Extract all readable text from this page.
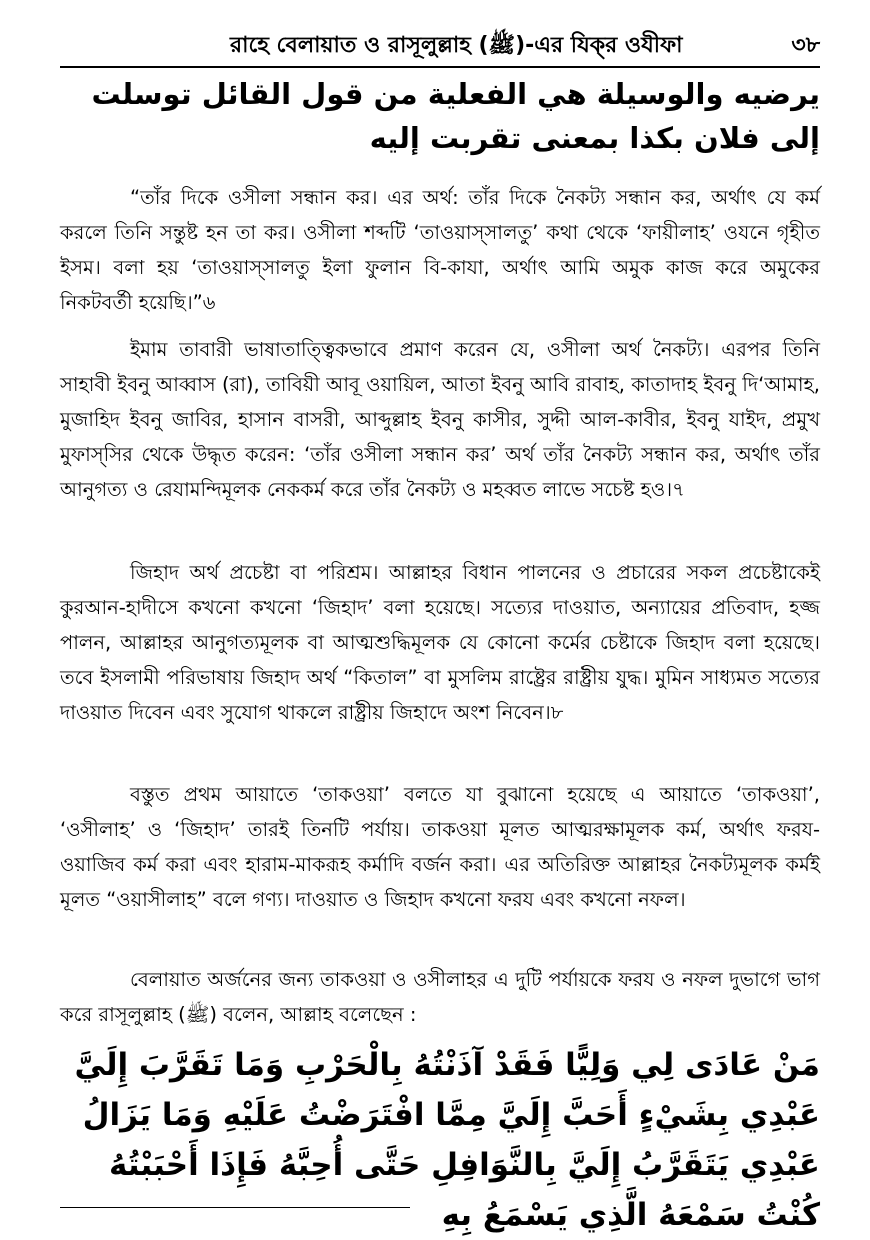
রাহে বেলায়াত ও রাসূলুল্লাহ (ﷺ)-এর যিক্‌র ওযীফা	৩৮
يرضيه والوسيلة هي الفعلية من قول القائل توسلت إلى فلان بكذا بمعنى تقربت إليه
“তাঁর দিকে ওসীলা সন্ধান কর। এর অর্থ: তাঁর দিকে নৈকট্য সন্ধান কর, অর্থাৎ যে কর্ম করলে তিনি সন্তুষ্ট হন তা কর। ওসীলা শব্দটি ‘তাওয়াস্‌সালতু’ কথা থেকে ‘ফায়ীলাহ’ ওযনে গৃহীত ইসম। বলা হয় ‘তাওয়াস্‌সালতু ইলা ফুলান বি-কাযা, অর্থাৎ আমি অমুক কাজ করে অমুকের নিকটবর্তী হয়েছি।”৬
ইমাম তাবারী ভাষাতাত্ত্বিকভাবে প্রমাণ করেন যে, ওসীলা অর্থ নৈকট্য। এরপর তিনি সাহাবী ইবনু আব্বাস (রা), তাবিয়ী আবূ ওয়ায়িল, আতা ইবনু আবি রাবাহ, কাতাদাহ ইবনু দি‘আমাহ, মুজাহিদ ইবনু জাবির, হাসান বাসরী, আব্দুল্লাহ ইবনু কাসীর, সুদ্দী আল-কাবীর, ইবনু যাইদ, প্রমুখ মুফাস্‌সির থেকে উদ্ধৃত করেন: ‘তাঁর ওসীলা সন্ধান কর’ অর্থ তাঁর নৈকট্য সন্ধান কর, অর্থাৎ তাঁর আনুগত্য ও রেযামন্দিমূলক নেককর্ম করে তাঁর নৈকট্য ও মহব্বত লাভে সচেষ্ট হও।৭
জিহাদ অর্থ প্রচেষ্টা বা পরিশ্রম। আল্লাহর বিধান পালনের ও প্রচারের সকল প্রচেষ্টাকেই কুরআন-হাদীসে কখনো কখনো ‘জিহাদ’ বলা হয়েছে। সত্যের দাওয়াত, অন্যায়ের প্রতিবাদ, হজ্জ পালন, আল্লাহর আনুগত্যমূলক বা আত্মশুদ্ধিমূলক যে কোনো কর্মের চেষ্টাকে জিহাদ বলা হয়েছে। তবে ইসলামী পরিভাষায় জিহাদ অর্থ “কিতাল” বা মুসলিম রাষ্ট্রের রাষ্ট্রীয় যুদ্ধ। মুমিন সাধ্যমত সত্যের দাওয়াত দিবেন এবং সুযোগ থাকলে রাষ্ট্রীয় জিহাদে অংশ নিবেন।৮
বস্তুত প্রথম আয়াতে ‘তাকওয়া’ বলতে যা বুঝানো হয়েছে এ আয়াতে ‘তাকওয়া’, ‘ওসীলাহ’ ও ‘জিহাদ’ তারই তিনটি পর্যায়। তাকওয়া মূলত আত্মরক্ষামূলক কর্ম, অর্থাৎ ফরয-ওয়াজিব কর্ম করা এবং হারাম-মাকরূহ কর্মাদি বর্জন করা। এর অতিরিক্ত আল্লাহর নৈকট্যমূলক কর্মই মূলত “ওয়াসীলাহ” বলে গণ্য। দাওয়াত ও জিহাদ কখনো ফরয এবং কখনো নফল।
বেলায়াত অর্জনের জন্য তাকওয়া ও ওসীলাহর এ দুটি পর্যায়কে ফরয ও নফল দুভাগে ভাগ করে রাসূলুল্লাহ (ﷺ) বলেন, আল্লাহ বলেছেন :
مَنْ عَادَى لِي وَلِيًّا فَقَدْ آذَنْتُهُ بِالْحَرْبِ وَمَا تَقَرَّبَ إِلَيَّ عَبْدِي بِشَيْءٍ أَحَبَّ إِلَيَّ مِمَّا افْتَرَضْتُ عَلَيْهِ وَمَا يَزَالُ عَبْدِي يَتَقَرَّبُ إِلَيَّ بِالنَّوَافِلِ حَتَّى أُحِبَّهُ فَإِذَا أَحْبَبْتُهُ كُنْتُ سَمْعَهُ الَّذِي يَسْمَعُ بِهِ
